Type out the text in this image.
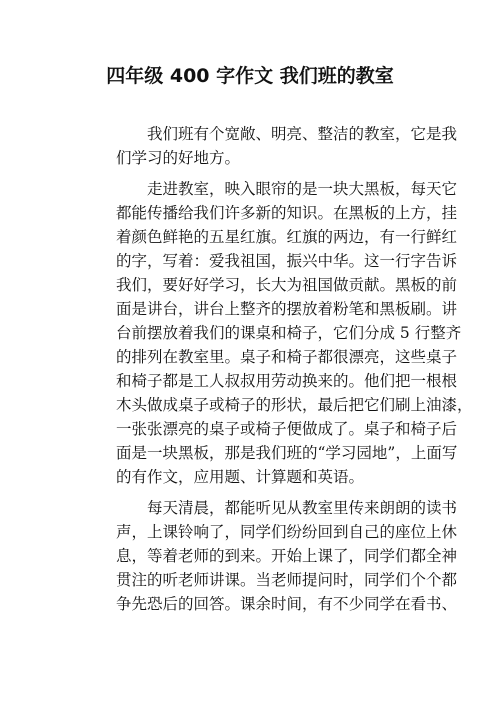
四年级 400 字作文 我们班的教室
我们班有个宽敞、明亮、整洁的教室，它是我
们学习的好地方。
走进教室，映入眼帘的是一块大黑板，每天它
都能传播给我们许多新的知识。在黑板的上方，挂
着颜色鲜艳的五星红旗。红旗的两边，有一行鲜红
的字，写着：爱我祖国，振兴中华。这一行字告诉
我们，要好好学习，长大为祖国做贡献。黑板的前
面是讲台，讲台上整齐的摆放着粉笔和黑板刷。讲
台前摆放着我们的课桌和椅子，它们分成 5 行整齐
的排列在教室里。桌子和椅子都很漂亮，这些桌子
和椅子都是工人叔叔用劳动换来的。他们把一根根
木头做成桌子或椅子的形状，最后把它们刷上油漆，
一张张漂亮的桌子或椅子便做成了。桌子和椅子后
面是一块黑板，那是我们班的“学习园地”，上面写
的有作文，应用题、计算题和英语。
每天清晨，都能听见从教室里传来朗朗的读书
声，上课铃响了，同学们纷纷回到自己的座位上休
息，等着老师的到来。开始上课了，同学们都全神
贯注的听老师讲课。当老师提问时，同学们个个都
争先恐后的回答。课余时间，有不少同学在看书、
